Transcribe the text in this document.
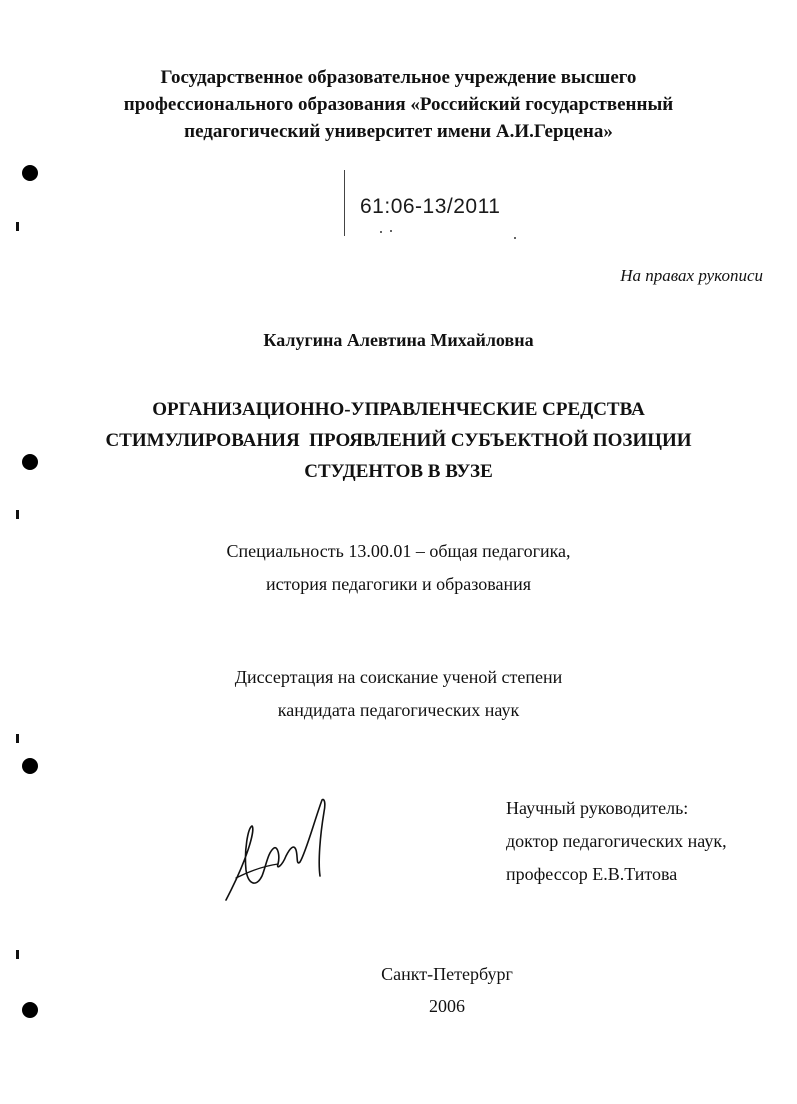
Государственное образовательное учреждение высшего
профессионального образования «Российский государственный
педагогический университет имени А.И.Герцена»
61:06-13/2011
На правах рукописи
Калугина Алевтина Михайловна
ОРГАНИЗАЦИОННО-УПРАВЛЕНЧЕСКИЕ СРЕДСТВА
СТИМУЛИРОВАНИЯ  ПРОЯВЛЕНИЙ СУБЪЕКТНОЙ ПОЗИЦИИ
СТУДЕНТОВ В ВУЗЕ
Специальность 13.00.01 – общая педагогика,
история педагогики и образования
Диссертация на соискание ученой степени
кандидата педагогических наук
Научный руководитель:
доктор педагогических наук,
профессор Е.В.Титова
Санкт-Петербург
2006
